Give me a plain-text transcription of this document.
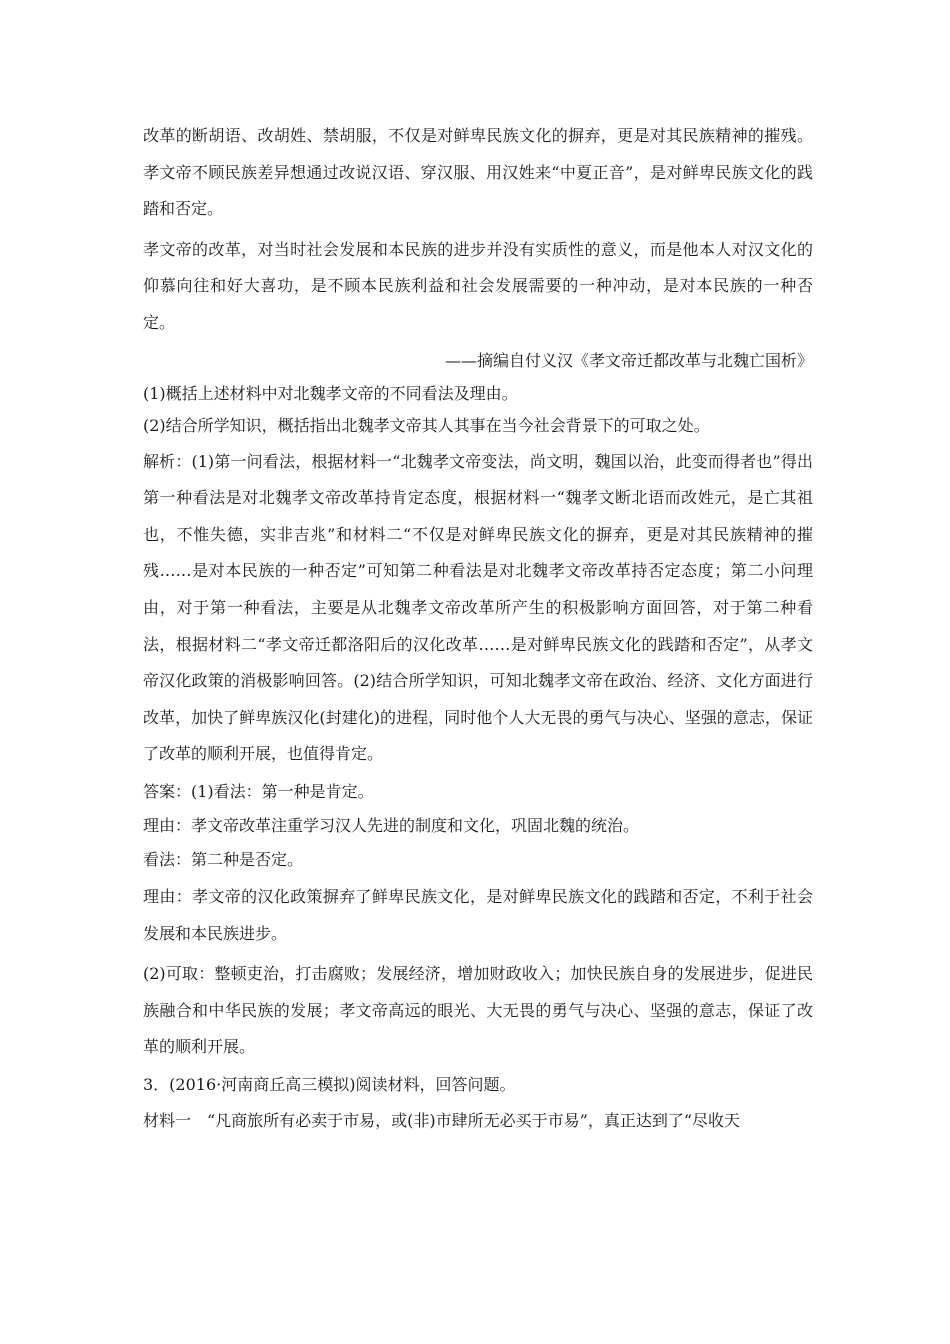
改革的断胡语、改胡姓、禁胡服，不仅是对鲜卑民族文化的摒弃，更是对其民族精神的摧残。孝文帝不顾民族差异想通过改说汉语、穿汉服、用汉姓来“中夏正音”，是对鲜卑民族文化的践踏和否定。

孝文帝的改革，对当时社会发展和本民族的进步并没有实质性的意义，而是他本人对汉文化的仰慕向往和好大喜功，是不顾本民族利益和社会发展需要的一种冲动，是对本民族的一种否定。

——摘编自付义汉《孝文帝迁都改革与北魏亡国析》

(1)概括上述材料中对北魏孝文帝的不同看法及理由。

(2)结合所学知识，概括指出北魏孝文帝其人其事在当今社会背景下的可取之处。

解析：(1)第一问看法，根据材料一“北魏孝文帝变法，尚文明，魏国以治，此变而得者也”得出第一种看法是对北魏孝文帝改革持肯定态度，根据材料一“魏孝文断北语而改姓元，是亡其祖也，不惟失德，实非吉兆”和材料二“不仅是对鲜卑民族文化的摒弃，更是对其民族精神的摧残……是对本民族的一种否定”可知第二种看法是对北魏孝文帝改革持否定态度；第二小问理由，对于第一种看法，主要是从北魏孝文帝改革所产生的积极影响方面回答，对于第二种看法，根据材料二“孝文帝迁都洛阳后的汉化改革……是对鲜卑民族文化的践踏和否定”，从孝文帝汉化政策的消极影响回答。(2)结合所学知识，可知北魏孝文帝在政治、经济、文化方面进行改革，加快了鲜卑族汉化(封建化)的进程，同时他个人大无畏的勇气与决心、坚强的意志，保证了改革的顺利开展，也值得肯定。

答案：(1)看法：第一种是肯定。

理由：孝文帝改革注重学习汉人先进的制度和文化，巩固北魏的统治。

看法：第二种是否定。

理由：孝文帝的汉化政策摒弃了鲜卑民族文化，是对鲜卑民族文化的践踏和否定，不利于社会发展和本民族进步。

(2)可取：整顿吏治，打击腐败；发展经济，增加财政收入；加快民族自身的发展进步，促进民族融合和中华民族的发展；孝文帝高远的眼光、大无畏的勇气与决心、坚强的意志，保证了改革的顺利开展。

3．(2016·河南商丘高三模拟)阅读材料，回答问题。

材料一　“凡商旅所有必卖于市易，或(非)市肆所无必买于市易”，真正达到了“尽收天
